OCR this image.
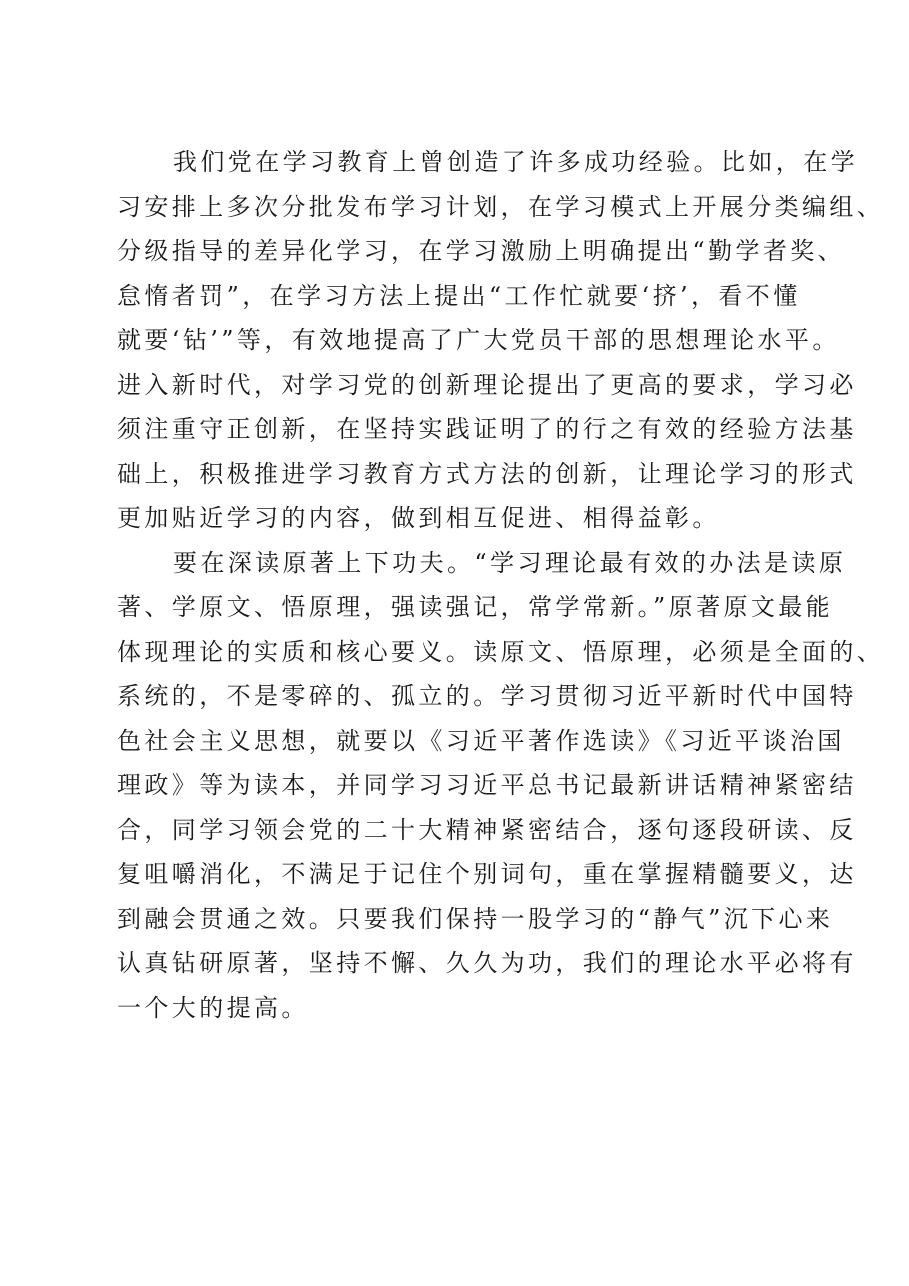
我们党在学习教育上曾创造了许多成功经验。比如，在学
习安排上多次分批发布学习计划，在学习模式上开展分类编组、
分级指导的差异化学习，在学习激励上明确提出“勤学者奖、
怠惰者罚”，在学习方法上提出“工作忙就要‘挤’，看不懂
就要‘钻’”等，有效地提高了广大党员干部的思想理论水平。
进入新时代，对学习党的创新理论提出了更高的要求，学习必
须注重守正创新，在坚持实践证明了的行之有效的经验方法基
础上，积极推进学习教育方式方法的创新，让理论学习的形式
更加贴近学习的内容，做到相互促进、相得益彰。
要在深读原著上下功夫。“学习理论最有效的办法是读原
著、学原文、悟原理，强读强记，常学常新。”原著原文最能
体现理论的实质和核心要义。读原文、悟原理，必须是全面的、
系统的，不是零碎的、孤立的。学习贯彻习近平新时代中国特
色社会主义思想，就要以《习近平著作选读》《习近平谈治国
理政》等为读本，并同学习习近平总书记最新讲话精神紧密结
合，同学习领会党的二十大精神紧密结合，逐句逐段研读、反
复咀嚼消化，不满足于记住个别词句，重在掌握精髓要义，达
到融会贯通之效。只要我们保持一股学习的“静气”沉下心来
认真钻研原著，坚持不懈、久久为功，我们的理论水平必将有
一个大的提高。
